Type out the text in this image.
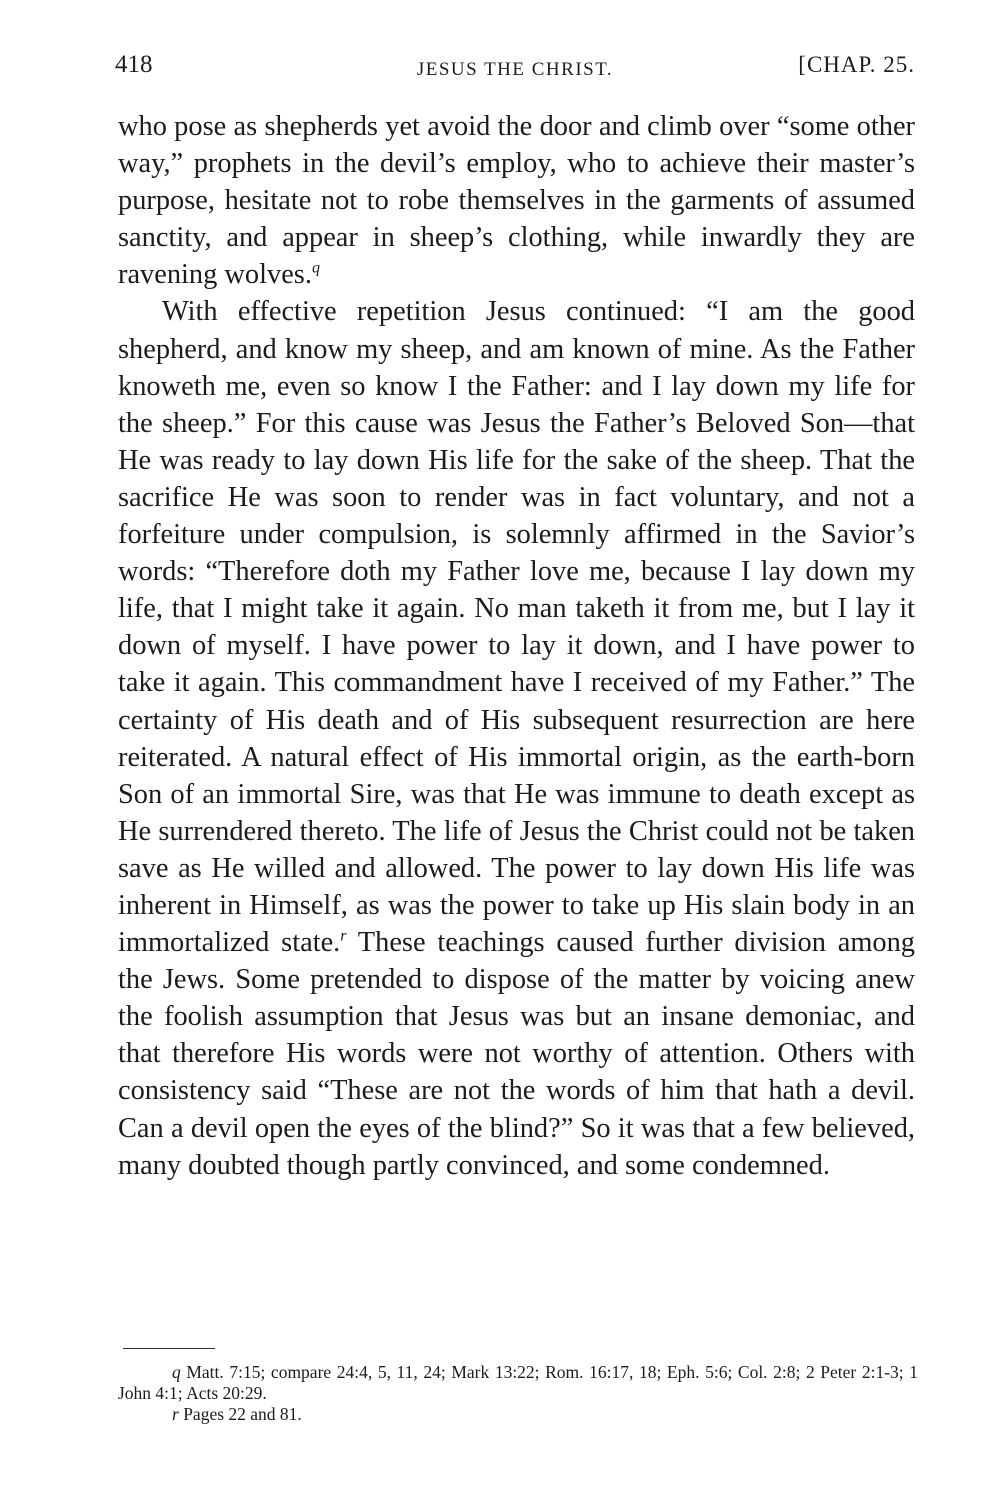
418	JESUS THE CHRIST.	[CHAP. 25.

who pose as shepherds yet avoid the door and climb over “some other way,” prophets in the devil’s employ, who to achieve their master’s purpose, hesitate not to robe themselves in the garments of assumed sanctity, and appear in sheep’s clothing, while inwardly they are ravening wolves.$^q$

With effective repetition Jesus continued: “I am the good shepherd, and know my sheep, and am known of mine. As the Father knoweth me, even so know I the Father: and I lay down my life for the sheep.” For this cause was Jesus the Father’s Beloved Son—that He was ready to lay down His life for the sake of the sheep. That the sacrifice He was soon to render was in fact voluntary, and not a forfeiture under compulsion, is solemnly affirmed in the Savior’s words: “Therefore doth my Father love me, because I lay down my life, that I might take it again. No man taketh it from me, but I lay it down of myself. I have power to lay it down, and I have power to take it again. This commandment have I received of my Father.” The certainty of His death and of His subsequent resurrection are here reiterated. A natural effect of His immortal origin, as the earth-born Son of an immortal Sire, was that He was immune to death except as He surrendered thereto. The life of Jesus the Christ could not be taken save as He willed and allowed. The power to lay down His life was inherent in Himself, as was the power to take up His slain body in an immortalized state.$^r$ These teachings caused further division among the Jews. Some pretended to dispose of the matter by voicing anew the foolish assumption that Jesus was but an insane demoniac, and that therefore His words were not worthy of attention. Others with consistency said “These are not the words of him that hath a devil. Can a devil open the eyes of the blind?” So it was that a few believed, many doubted though partly convinced, and some condemned.

q Matt. 7:15; compare 24:4, 5, 11, 24; Mark 13:22; Rom. 16:17, 18; Eph. 5:6; Col. 2:8; 2 Peter 2:1-3; 1 John 4:1; Acts 20:29.

r Pages 22 and 81.
